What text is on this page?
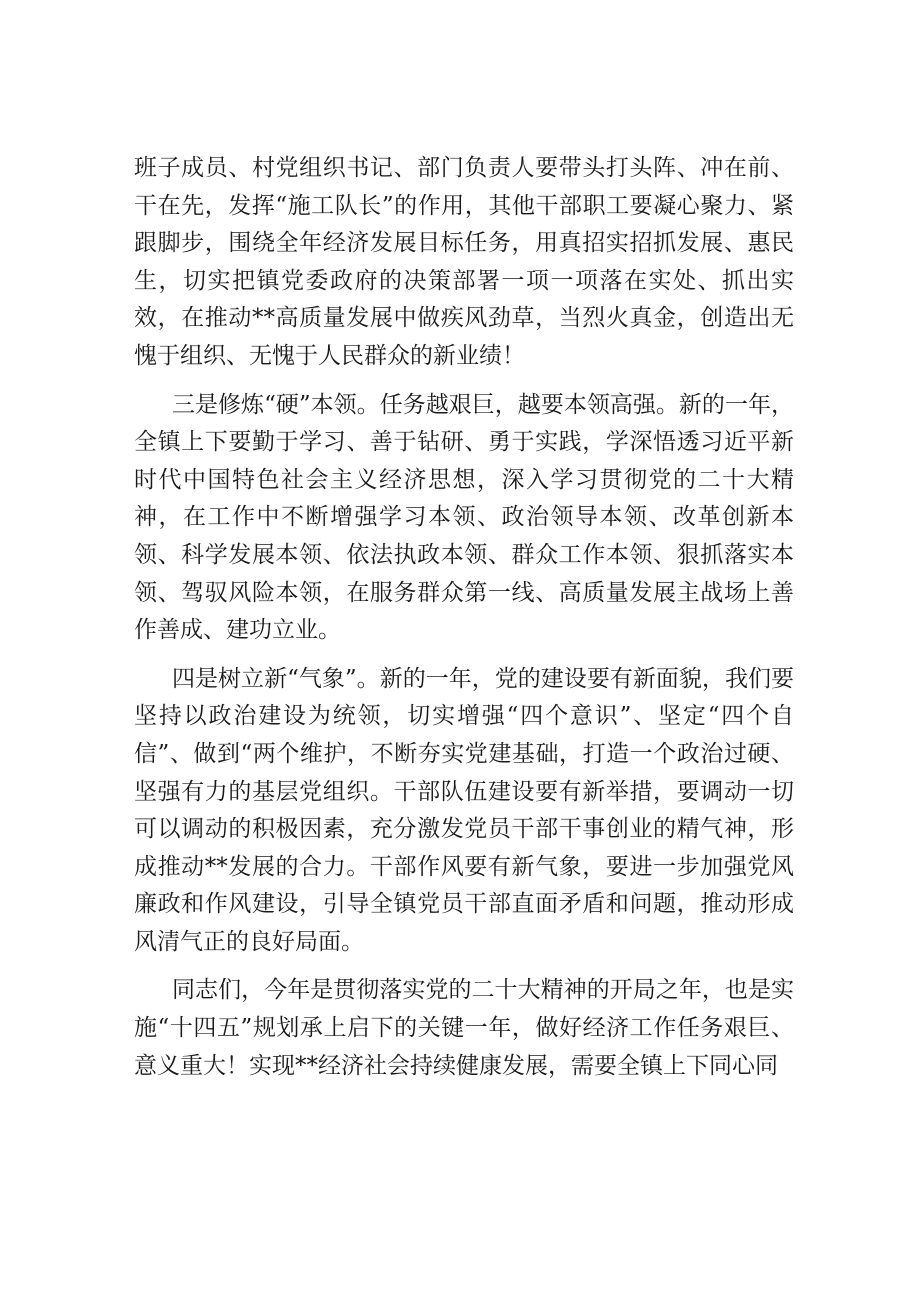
班子成员、村党组织书记、部门负责人要带头打头阵、冲在前、干在先，发挥“施工队长”的作用，其他干部职工要凝心聚力、紧跟脚步，围绕全年经济发展目标任务，用真招实招抓发展、惠民生，切实把镇党委政府的决策部署一项一项落在实处、抓出实效，在推动**高质量发展中做疾风劲草，当烈火真金，创造出无愧于组织、无愧于人民群众的新业绩！

三是修炼“硬”本领。任务越艰巨，越要本领高强。新的一年，全镇上下要勤于学习、善于钻研、勇于实践，学深悟透习近平新时代中国特色社会主义经济思想，深入学习贯彻党的二十大精神，在工作中不断增强学习本领、政治领导本领、改革创新本领、科学发展本领、依法执政本领、群众工作本领、狠抓落实本领、驾驭风险本领，在服务群众第一线、高质量发展主战场上善作善成、建功立业。

四是树立新“气象”。新的一年，党的建设要有新面貌，我们要坚持以政治建设为统领，切实增强“四个意识”、坚定“四个自信”、做到“两个维护，不断夯实党建基础，打造一个政治过硬、坚强有力的基层党组织。干部队伍建设要有新举措，要调动一切可以调动的积极因素，充分激发党员干部干事创业的精气神，形成推动**发展的合力。干部作风要有新气象，要进一步加强党风廉政和作风建设，引导全镇党员干部直面矛盾和问题，推动形成风清气正的良好局面。

同志们，今年是贯彻落实党的二十大精神的开局之年，也是实施“十四五”规划承上启下的关键一年，做好经济工作任务艰巨、意义重大！实现**经济社会持续健康发展，需要全镇上下同心同
